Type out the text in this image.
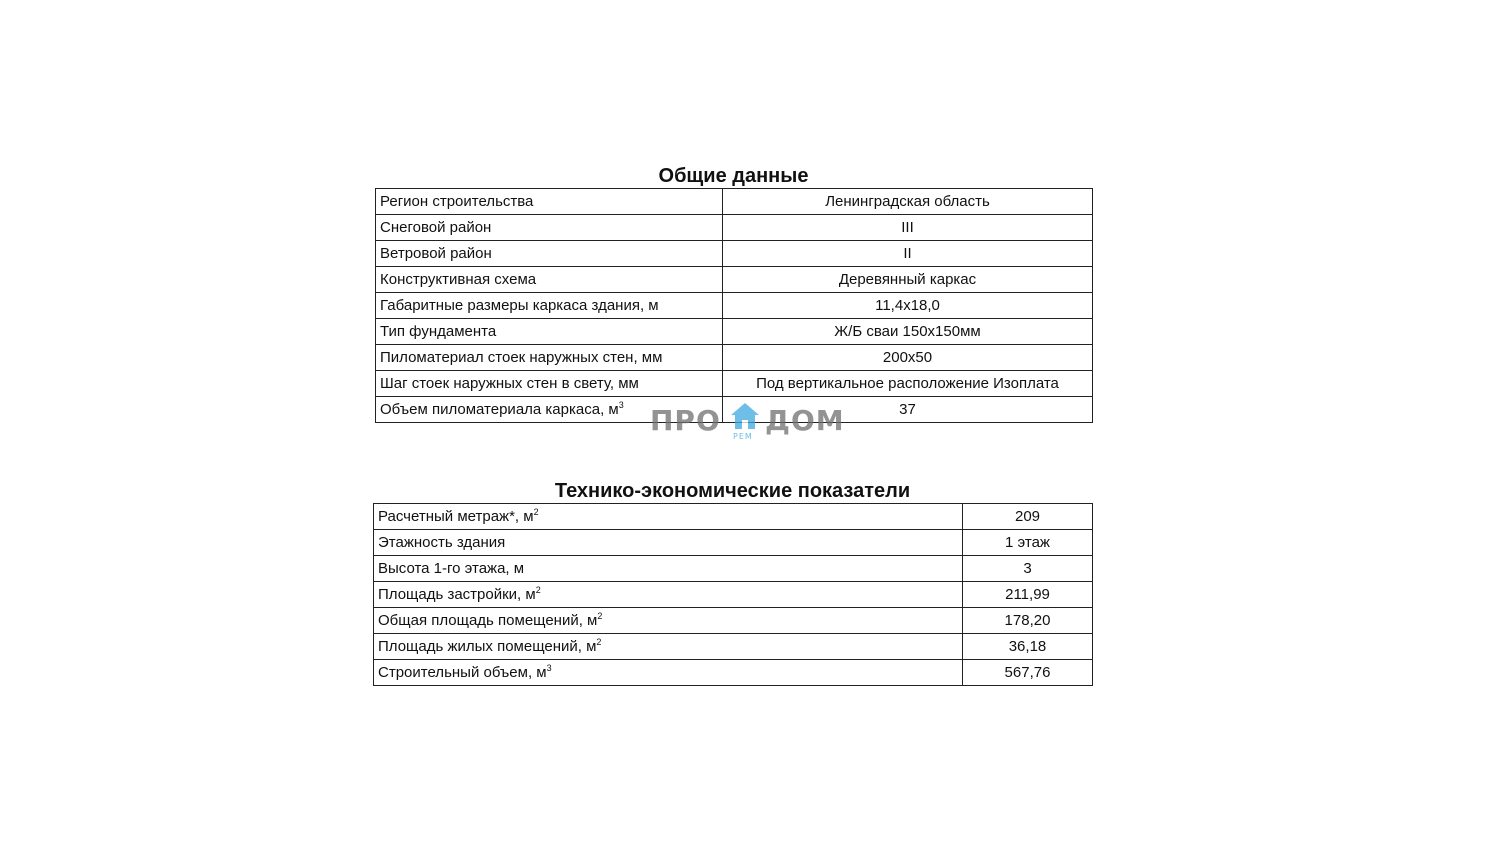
Общие данные
Регион строительства	Ленинградская область
Снеговой район	III
Ветровой район	II
Конструктивная схема	Деревянный каркас
Габаритные размеры каркаса здания, м	11,4х18,0
Тип фундамента	Ж/Б сваи 150х150мм
Пиломатериал стоек наружных стен, мм	200х50
Шаг стоек наружных стен в свету, мм	Под вертикальное расположение Изоплата
Объем пиломатериала каркаса, $м^3$	37
Технико-экономические показатели
Расчетный метраж*, $м^2$	209
Этажность здания	1 этаж
Высота 1-го этажа, м	3
Площадь застройки, $м^2$	211,99
Общая площадь помещений, $м^2$	178,20
Площадь жилых помещений, $м^2$	36,18
Строительный объем, $м^3$	567,76
ПРО ДОМ
РЕМ
